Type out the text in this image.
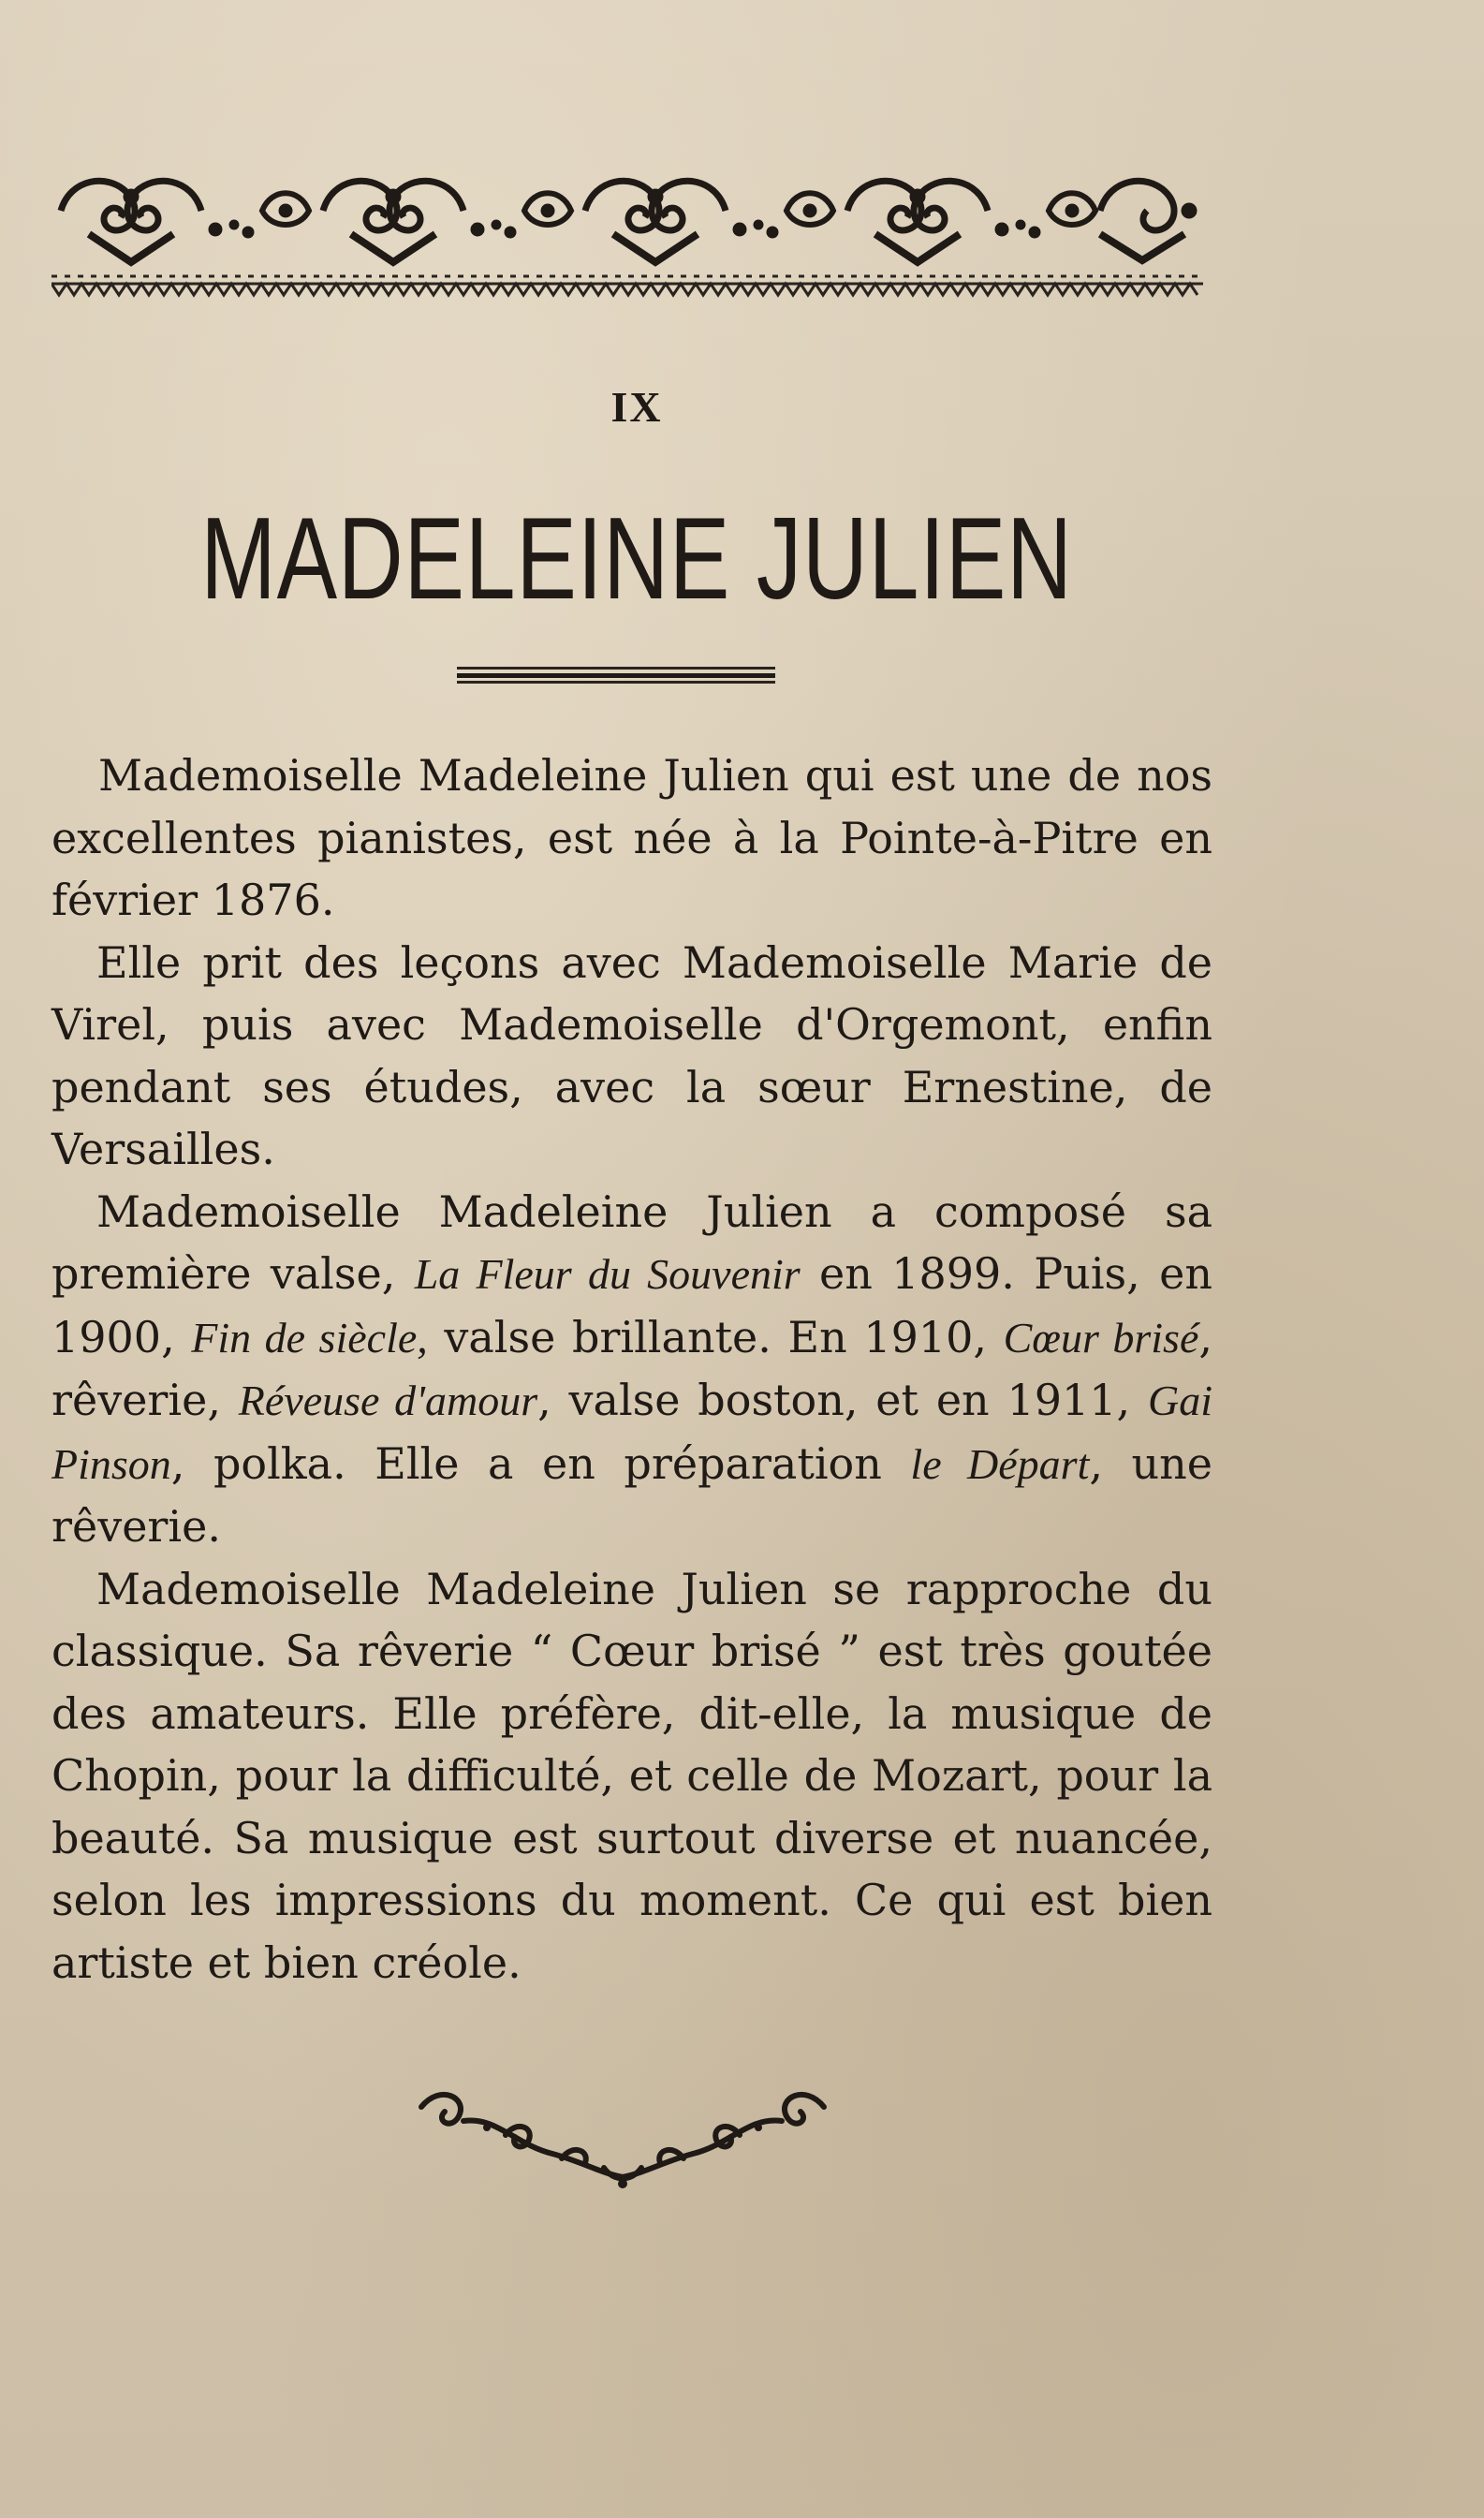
IX
MADELEINE JULIEN

Mademoiselle Madeleine Julien qui est une de nos excellentes pianistes, est née à la Pointe-à-Pitre en février 1876.

Elle prit des leçons avec Mademoiselle Marie de Virel, puis avec Mademoiselle d'Orgemont, enfin pendant ses études, avec la sœur Ernestine, de Versailles.

Mademoiselle Madeleine Julien a composé sa première valse, La Fleur du Souvenir en 1899. Puis, en 1900, Fin de siècle, valse brillante. En 1910, Cœur brisé, rêverie, Réveuse d'amour, valse boston, et en 1911, Gai Pinson, polka. Elle a en préparation le Départ, une rêverie.

Mademoiselle Madeleine Julien se rapproche du classique. Sa rêverie “ Cœur brisé ” est très goutée des amateurs. Elle préfère, dit-elle, la musique de Chopin, pour la difficulté, et celle de Mozart, pour la beauté. Sa musique est surtout diverse et nuancée, selon les impressions du moment. Ce qui est bien artiste et bien créole.
